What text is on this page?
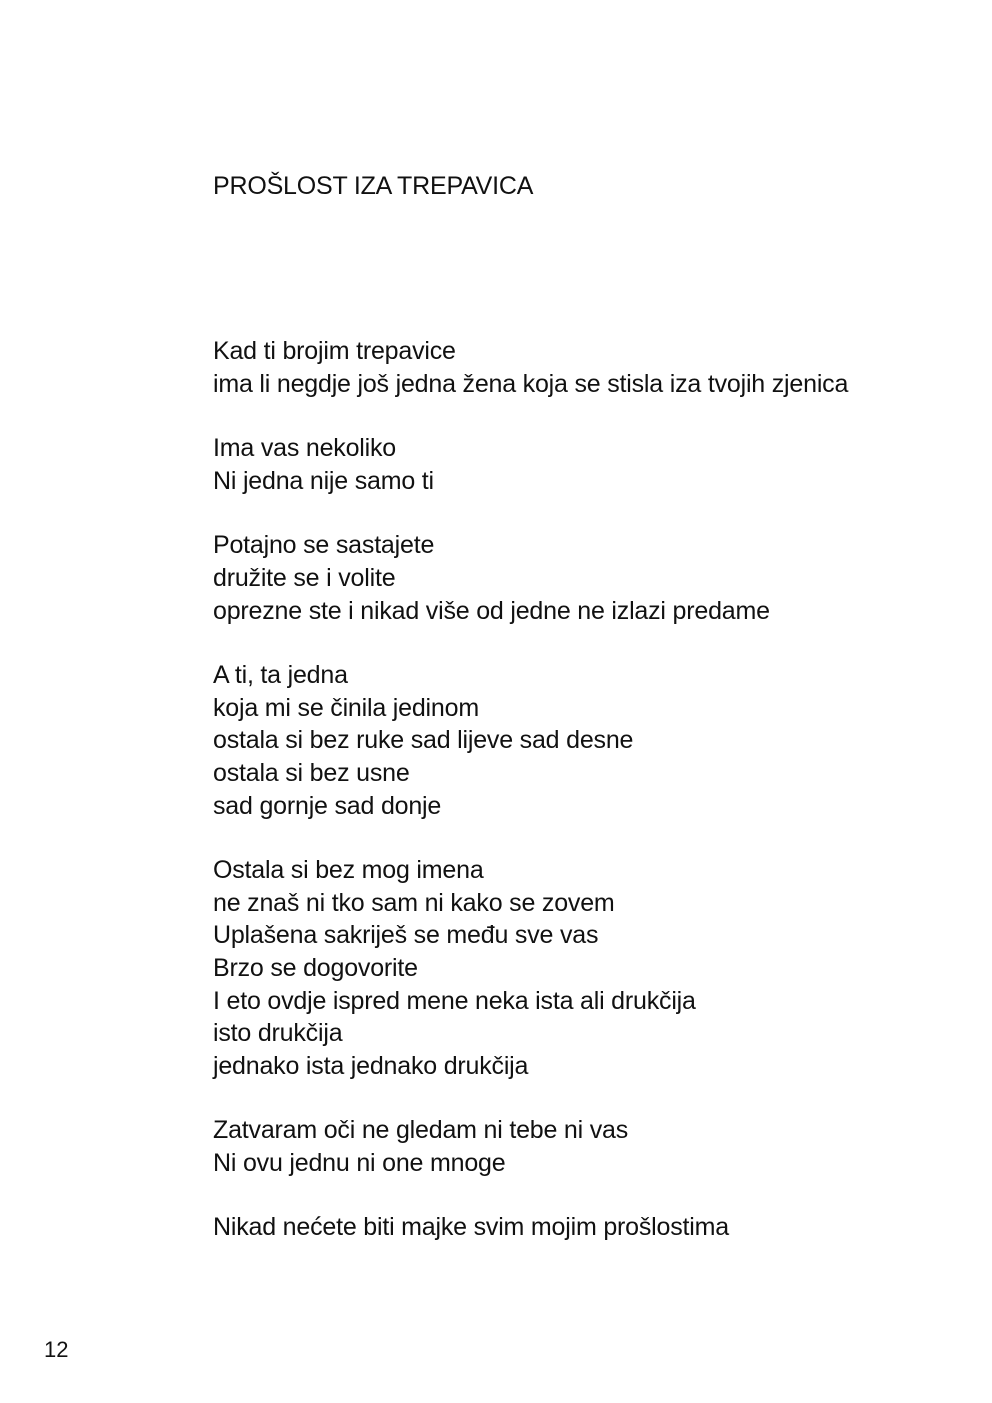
PROŠLOST IZA TREPAVICA
Kad ti brojim trepavice
ima li negdje još jedna žena koja se stisla iza tvojih zjenica
Ima vas nekoliko
Ni jedna nije samo ti
Potajno se sastajete
družite se i volite
oprezne ste i nikad više od jedne ne izlazi predame
A ti, ta jedna
koja mi se činila jedinom
ostala si bez ruke sad lijeve sad desne
ostala si bez usne
sad gornje sad donje
Ostala si bez mog imena
ne znaš ni tko sam ni kako se zovem
Uplašena sakriješ se među sve vas
Brzo se dogovorite
I eto ovdje ispred mene neka ista ali drukčija
isto drukčija
jednako ista jednako drukčija
Zatvaram oči ne gledam ni tebe ni vas
Ni ovu jednu ni one mnoge
Nikad nećete biti majke svim mojim prošlostima
12
